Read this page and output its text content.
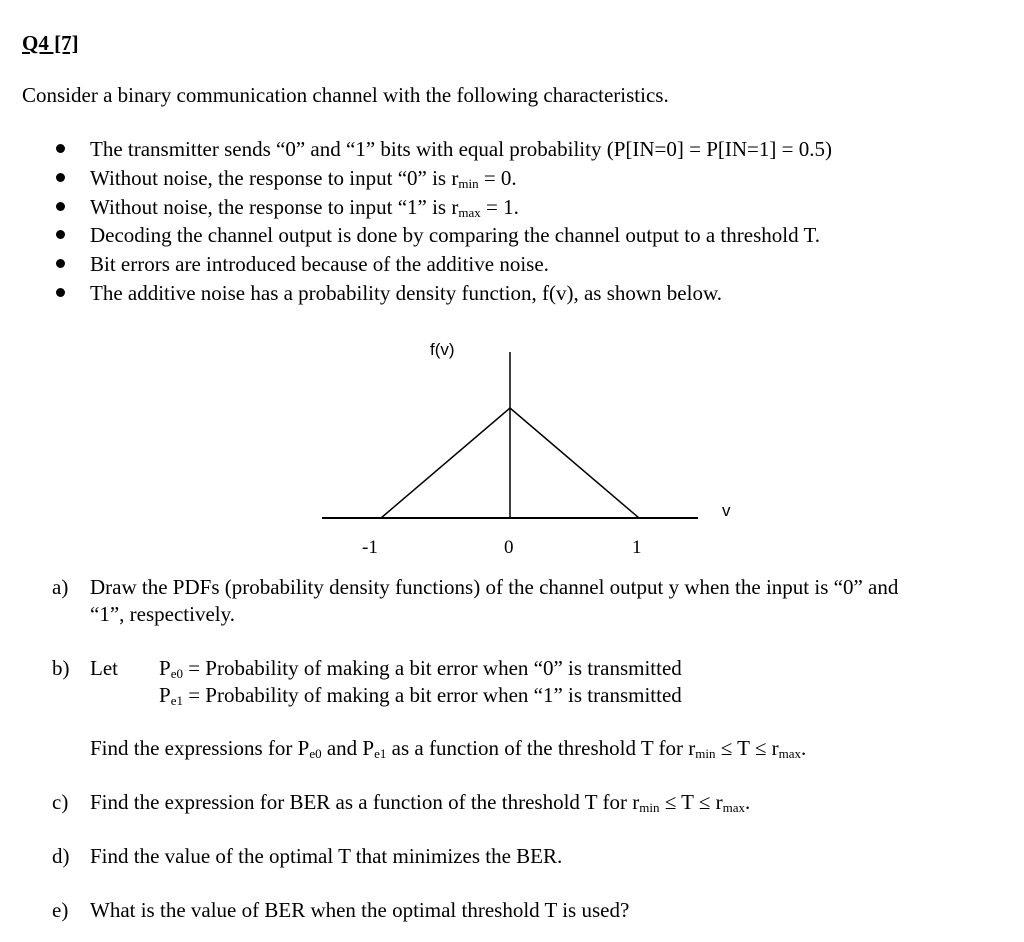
Q4 [7]
Consider a binary communication channel with the following characteristics.
The transmitter sends “0” and “1” bits with equal probability (P[IN=0] = P[IN=1] = 0.5)
Without noise, the response to input “0” is $r_{min} = 0$.
Without noise, the response to input “1” is $r_{max} = 1$.
Decoding the channel output is done by comparing the channel output to a threshold T.
Bit errors are introduced because of the additive noise.
The additive noise has a probability density function, f(v), as shown below.
f(v)
v
-1	0	1
a) Draw the PDFs (probability density functions) of the channel output y when the input is “0” and
“1”, respectively.
b) Let $P_{e0}$ = Probability of making a bit error when “0” is transmitted
$P_{e1}$ = Probability of making a bit error when “1” is transmitted
Find the expressions for $P_{e0}$ and $P_{e1}$ as a function of the threshold T for $r_{min} \le T \le r_{max}$.
c) Find the expression for BER as a function of the threshold T for $r_{min} \le T \le r_{max}$.
d) Find the value of the optimal T that minimizes the BER.
e) What is the value of BER when the optimal threshold T is used?
